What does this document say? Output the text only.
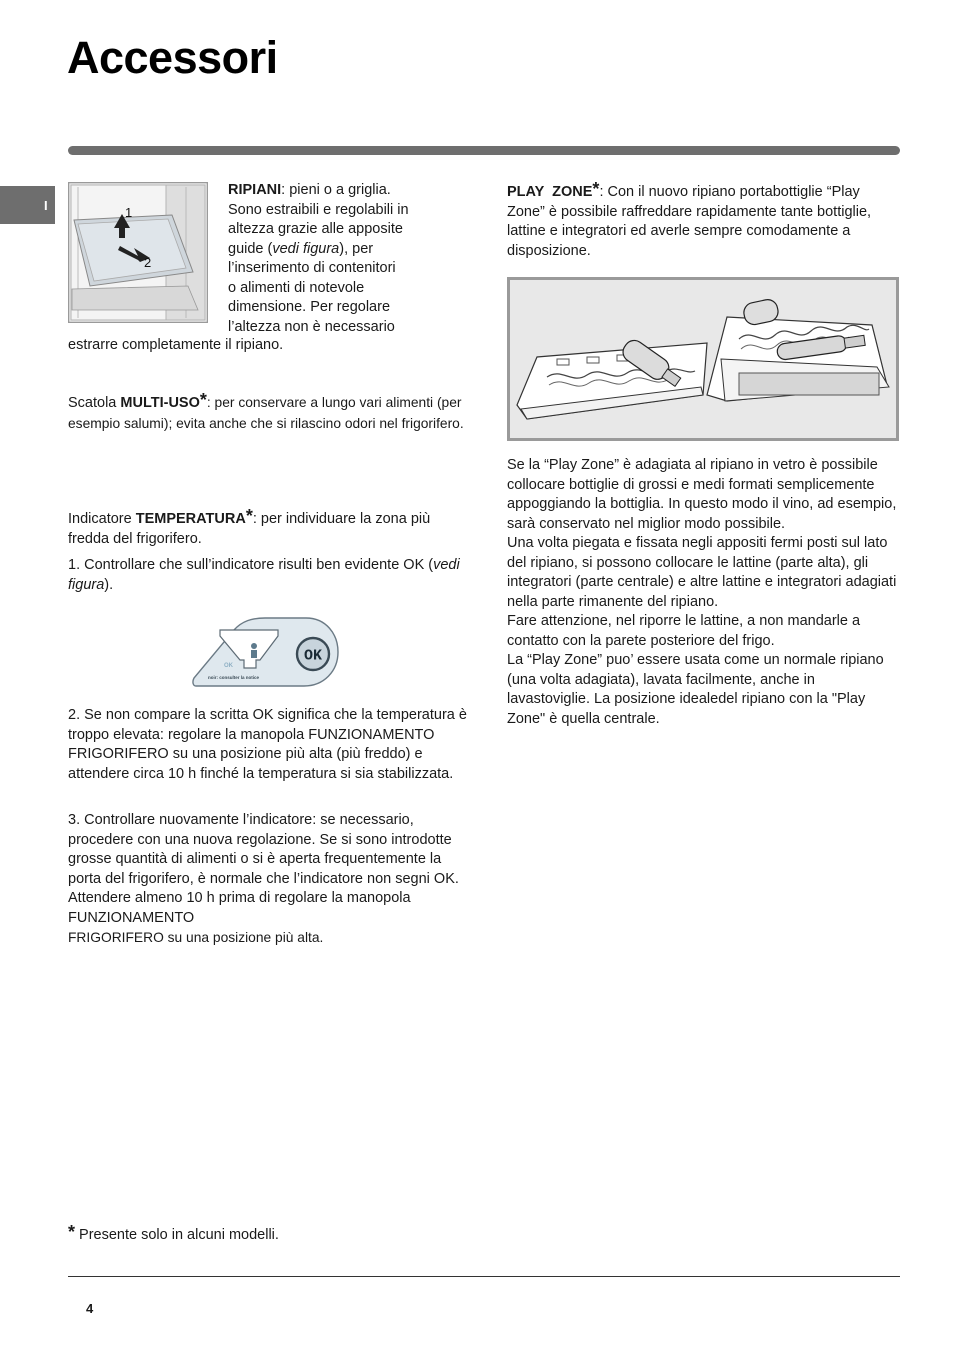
Accessori
I	1
2

RIPIANI: pieni o a griglia.

Sono estraibili e regolabili in

altezza grazie alle apposite

guide (vedi figura), per

l’inserimento di contenitori

o alimenti di notevole

dimensione. Per regolare

l’altezza non è necessario

estrarre completamente il ripiano.
Scatola MULTI-USO*: per conservare a lungo vari alimenti (per esempio salumi); evita anche che si rilascino odori nel frigorifero.
Indicatore TEMPERATURA*: per individuare la zona più fredda del frigorifero.
1. Controllare che sull’indicatore risulti ben evidente OK (vedi figura).
OK
noir: consulter la notice
OK
2. Se non compare la scritta OK significa che la temperatura è troppo elevata: regolare la manopola FUNZIONAMENTO FRIGORIFERO su una posizione più alta (più freddo) e attendere circa 10 h finché la temperatura si sia stabilizzata.
3. Controllare nuovamente l’indicatore: se necessario, procedere con una nuova regolazione. Se si sono introdotte grosse quantità di alimenti o si è aperta frequentemente la porta del frigorifero, è normale che l’indicatore non segni OK. Attendere almeno 10 h prima di regolare la manopola FUNZIONAMENTO
FRIGORIFERO su una posizione più alta.
PLAY  ZONE*: Con il nuovo ripiano portabottiglie “Play Zone” è possibile raffreddare rapidamente tante bottiglie, lattine e integratori ed averle sempre comodamente a disposizione.

Se la “Play Zone” è adagiata al ripiano in vetro è possibile collocare bottiglie di grossi e medi formati semplicemente appoggiando la bottiglia. In questo modo il vino, ad esempio, sarà conservato nel miglior modo possibile.

Una volta piegata e fissata negli appositi fermi posti sul lato del ripiano, si possono collocare le lattine (parte alta), gli integratori (parte centrale) e altre lattine e integratori adagiati nella parte rimanente del ripiano.

Fare attenzione, nel riporre le lattine, a non mandarle a contatto con la parete posteriore del frigo.

La “Play Zone” puo’ essere usata come un normale ripiano (una volta adagiata), lavata facilmente, anche in lavastoviglie. La posizione idealedel ripiano con la "Play Zone" è quella centrale.

* Presente solo in alcuni modelli.
4
